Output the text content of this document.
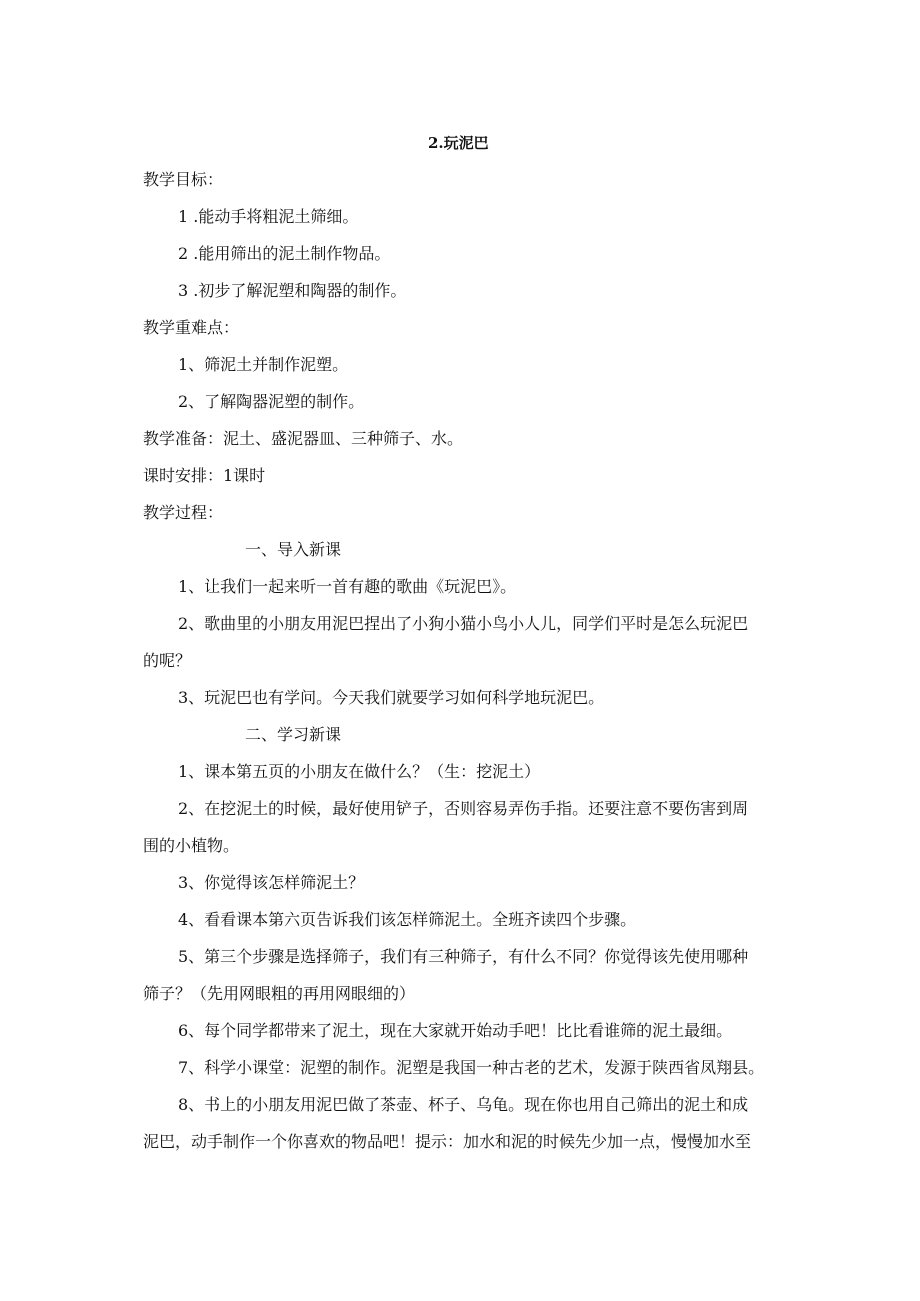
2.玩泥巴
教学目标：
1 .能动手将粗泥土筛细。
2 .能用筛出的泥土制作物品。
3 .初步了解泥塑和陶器的制作。
教学重难点：
1、筛泥土并制作泥塑。
2、了解陶器泥塑的制作。
教学准备：泥土、盛泥器皿、三种筛子、水。
课时安排：1课时
教学过程：
一、导入新课
1、让我们一起来听一首有趣的歌曲《玩泥巴》。
2、歌曲里的小朋友用泥巴捏出了小狗小猫小鸟小人儿，同学们平时是怎么玩泥巴
的呢？
3、玩泥巴也有学问。今天我们就要学习如何科学地玩泥巴。
二、学习新课
1、课本第五页的小朋友在做什么？（生：挖泥土）
2、在挖泥土的时候，最好使用铲子，否则容易弄伤手指。还要注意不要伤害到周
围的小植物。
3、你觉得该怎样筛泥土？
4、看看课本第六页告诉我们该怎样筛泥土。全班齐读四个步骤。
5、第三个步骤是选择筛子，我们有三种筛子，有什么不同？你觉得该先使用哪种
筛子？（先用网眼粗的再用网眼细的）
6、每个同学都带来了泥土，现在大家就开始动手吧！比比看谁筛的泥土最细。
7、科学小课堂：泥塑的制作。泥塑是我国一种古老的艺术，发源于陕西省凤翔县。
8、书上的小朋友用泥巴做了茶壶、杯子、乌龟。现在你也用自己筛出的泥土和成
泥巴，动手制作一个你喜欢的物品吧！提示：加水和泥的时候先少加一点，慢慢加水至
